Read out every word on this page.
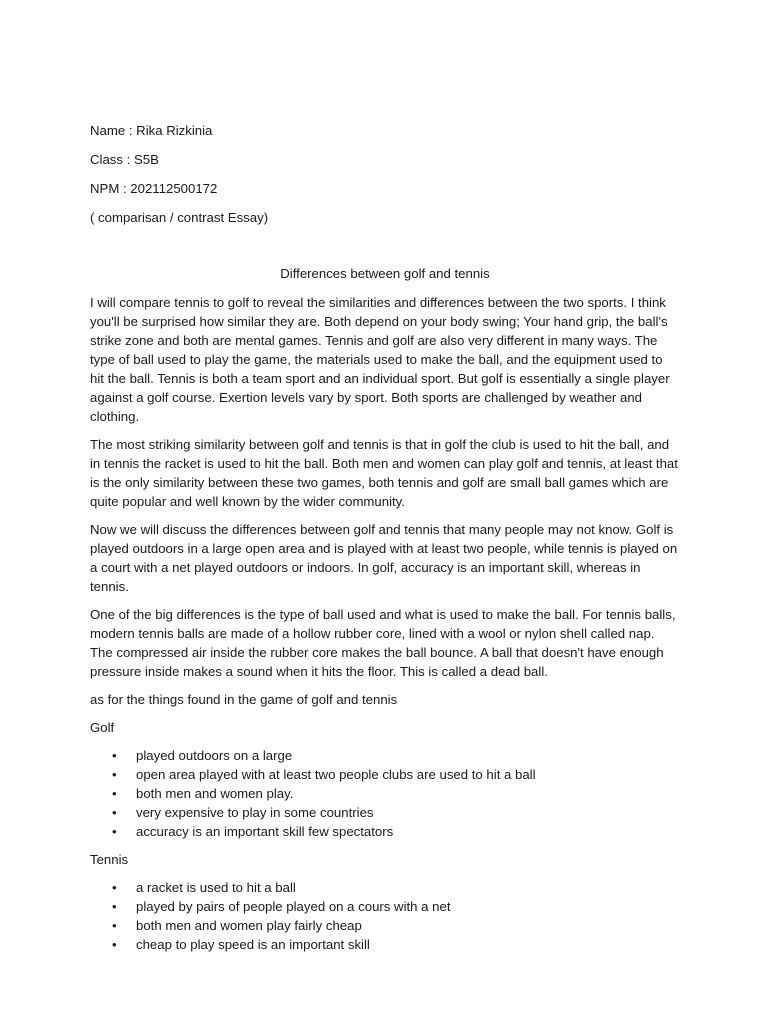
Name : Rika Rizkinia
Class : S5B
NPM : 202112500172
( comparisan / contrast Essay)
Differences between golf and tennis
I will compare tennis to golf to reveal the similarities and differences between the two sports. I think you'll be surprised how similar they are. Both depend on your body swing; Your hand grip, the ball's strike zone and both are mental games. Tennis and golf are also very different in many ways. The type of ball used to play the game, the materials used to make the ball, and the equipment used to hit the ball. Tennis is both a team sport and an individual sport. But golf is essentially a single player against a golf course. Exertion levels vary by sport. Both sports are challenged by weather and clothing.
The most striking similarity between golf and tennis is that in golf the club is used to hit the ball, and in tennis the racket is used to hit the ball. Both men and women can play golf and tennis, at least that is the only similarity between these two games, both tennis and golf are small ball games which are quite popular and well known by the wider community.
Now we will discuss the differences between golf and tennis that many people may not know. Golf is played outdoors in a large open area and is played with at least two people, while tennis is played on a court with a net played outdoors or indoors. In golf, accuracy is an important skill, whereas in tennis.
One of the big differences is the type of ball used and what is used to make the ball. For tennis balls, modern tennis balls are made of a hollow rubber core, lined with a wool or nylon shell called nap. The compressed air inside the rubber core makes the ball bounce. A ball that doesn't have enough pressure inside makes a sound when it hits the floor. This is called a dead ball.
as for the things found in the game of golf and tennis
Golf
• played outdoors on a large
• open area played with at least two people clubs are used to hit a ball
• both men and women play.
• very expensive to play in some countries
• accuracy is an important skill few spectators
Tennis
• a racket is used to hit a ball
• played by pairs of people played on a cours with a net
• both men and women play fairly cheap
• cheap to play speed is an important skill
